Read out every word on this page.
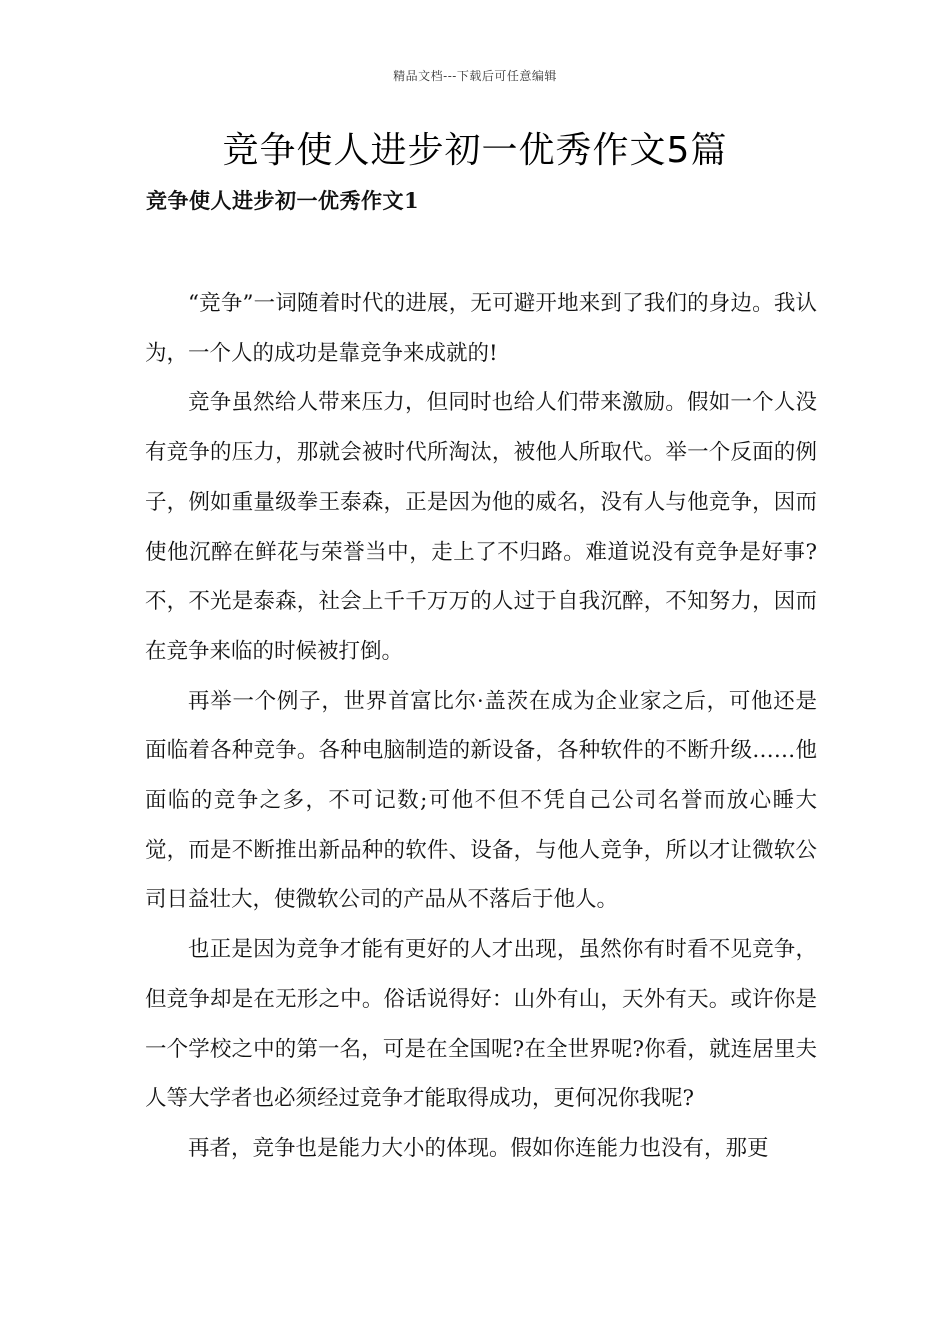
精品文档---下载后可任意编辑
竞争使人进步初一优秀作文5篇
竞争使人进步初一优秀作文1

“竞争”一词随着时代的进展，无可避开地来到了我们的身边。我认为，一个人的成功是靠竞争来成就的!

竞争虽然给人带来压力，但同时也给人们带来激励。假如一个人没有竞争的压力，那就会被时代所淘汰，被他人所取代。举一个反面的例子，例如重量级拳王泰森，正是因为他的威名，没有人与他竞争，因而使他沉醉在鲜花与荣誉当中，走上了不归路。难道说没有竞争是好事?不，不光是泰森，社会上千千万万的人过于自我沉醉，不知努力，因而在竞争来临的时候被打倒。

再举一个例子，世界首富比尔·盖茨在成为企业家之后，可他还是面临着各种竞争。各种电脑制造的新设备，各种软件的不断升级……他面临的竞争之多，不可记数;可他不但不凭自己公司名誉而放心睡大觉，而是不断推出新品种的软件、设备，与他人竞争，所以才让微软公司日益壮大，使微软公司的产品从不落后于他人。

也正是因为竞争才能有更好的人才出现，虽然你有时看不见竞争，但竞争却是在无形之中。俗话说得好：山外有山，天外有天。或许你是一个学校之中的第一名，可是在全国呢?在全世界呢?你看，就连居里夫人等大学者也必须经过竞争才能取得成功，更何况你我呢?

再者，竞争也是能力大小的体现。假如你连能力也没有，那更
